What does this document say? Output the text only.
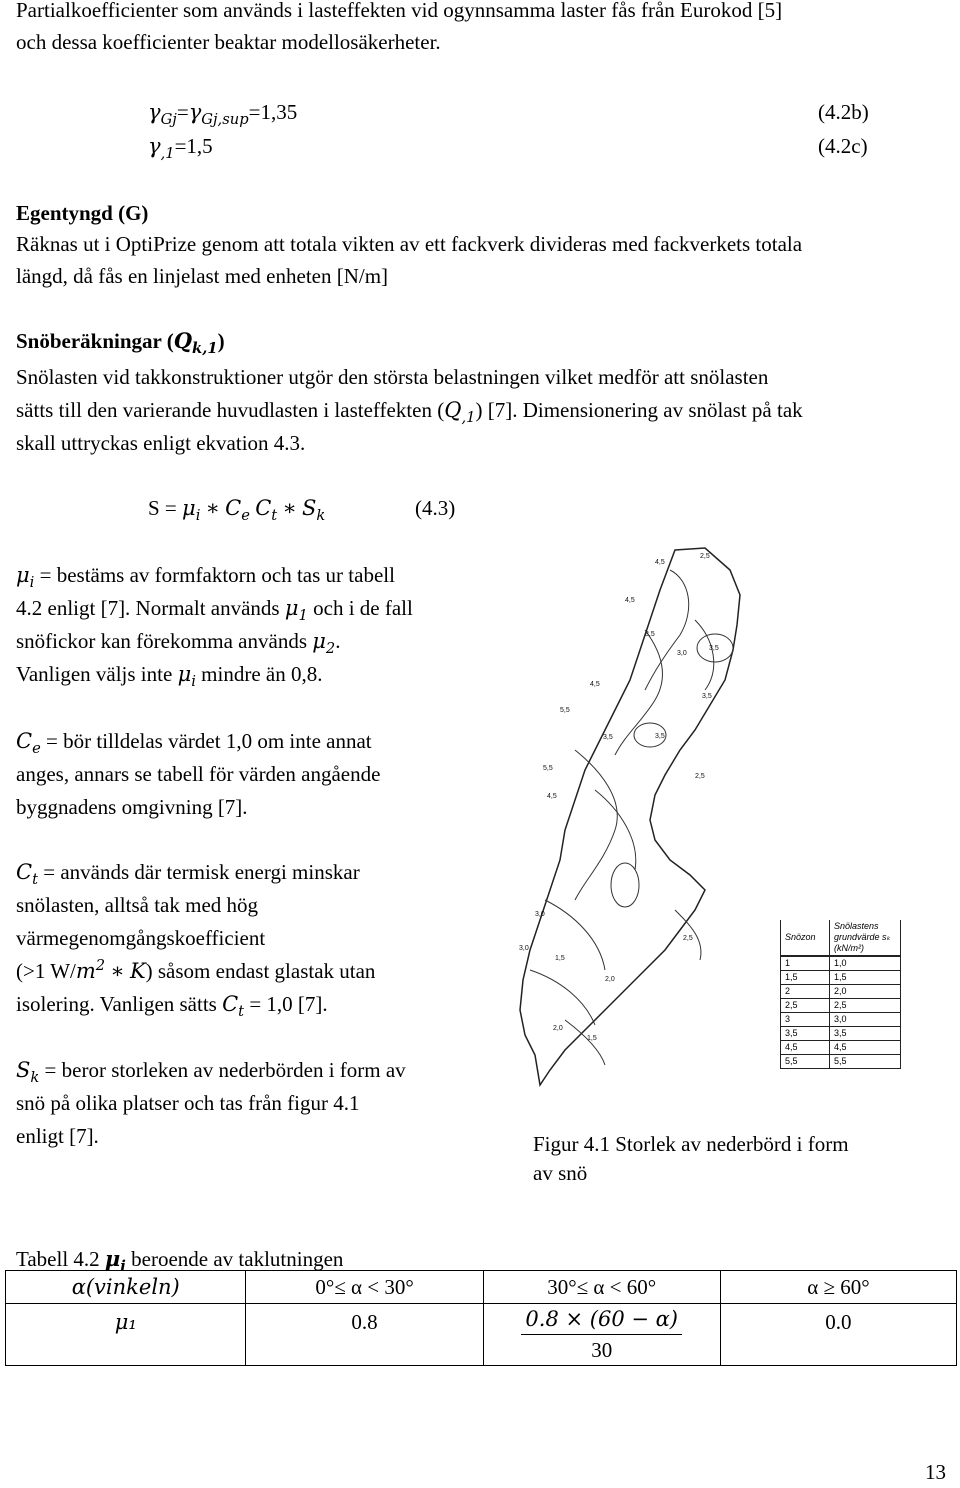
Partialkoefficienter som används i lasteffekten vid ogynnsamma laster fås från Eurokod [5]
och dessa koefficienter beaktar modellosäkerheter.
$\gamma_{Gj}=\gamma_{Gj,sup}=1,35$	(4.2b)
$\gamma_{,1}=1,5$	(4.2c)
Egentyngd (G)
Räknas ut i OptiPrize genom att totala vikten av ett fackverk divideras med fackverkets totala
längd, då fås en linjelast med enheten [N/m]
Snöberäkningar $(Q_{k,1})$
Snölasten vid takkonstruktioner utgör den största belastningen vilket medför att snölasten
sätts till den varierande huvudlasten i lasteffekten $(Q_{,1})$ [7]. Dimensionering av snölast på tak
skall uttryckas enligt ekvation 4.3.
$S = \mu_i$ ∗ $C_e$ $C_t$ ∗ $S_k$	(4.3)
$\mu_i$ = bestäms av formfaktorn och tas ur tabell
4.2 enligt [7]. Normalt används $\mu_1$ och i de fall
snöfickor kan förekomma används $\mu_2$.
Vanligen väljs inte $\mu_i$ mindre än 0,8.
$C_e$ = bör tilldelas värdet 1,0 om inte annat
anges, annars se tabell för värden angående
byggnadens omgivning [7].
$C_t$ = används där termisk energi minskar
snölasten, alltså tak med hög
värmegenomgångskoefficient
(>1 $W/m^2$ ∗ K) såsom endast glastak utan
isolering. Vanligen sätts $C_t = 1,0$ [7].
$S_k$ = beror storleken av nederbörden i form av
snö på olika platser och tas från figur 4.1
enligt [7].
4,5
2,5
4,5
3,5
3,0
3,5
4,5
5,5
3,5
3,5	3,5
5,5
4,5
2,5
3,0
2,5
1,5
3,0
2,0
2,0
1,5
Snözon	Snölastens grundvärde sₖ (kN/m²)
1	1,0
1,5	1,5
2	2,0
2,5	2,5
3	3,0
3,5	3,5
4,5	4,5
5,5	5,5
Figur 4.1 Storlek av nederbörd i form
av snö
Tabell 4.2 $\mu_i$ beroende av taklutningen
α(vinkeln)	0°≤ α < 30°	30°≤ α < 60°	α ≥ 60°
μ₁	0.8	$\frac{0.8 \times (60 - \alpha)}{30}$	0.0
13
